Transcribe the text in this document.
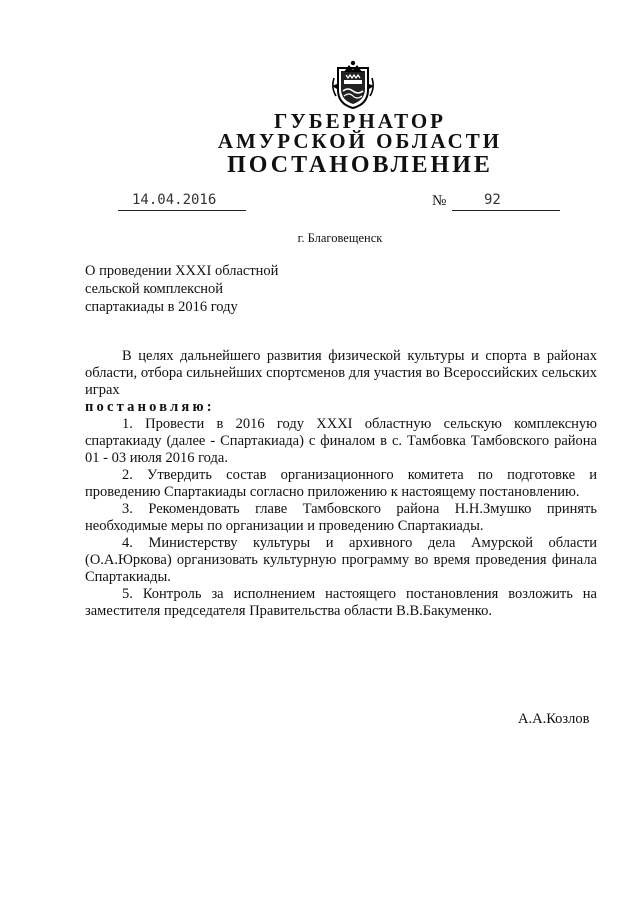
ГУБЕРНАТОР
АМУРСКОЙ ОБЛАСТИ
ПОСТАНОВЛЕНИЕ
14.04.2016	№	92
г. Благовещенск
О проведении XXXI областной
сельской комплексной
спартакиады в 2016 году

В целях дальнейшего развития физической культуры и спорта в районах области, отбора сильнейших спортсменов для участия во Всероссийских сельских играх

постановляю:

1. Провести в 2016 году XXXI областную сельскую комплексную спартакиаду (далее - Спартакиада) с финалом в с. Тамбовка Тамбовского района 01 - 03 июля 2016 года.

2. Утвердить состав организационного комитета по подготовке и проведению Спартакиады согласно приложению к настоящему постановлению.

3. Рекомендовать главе Тамбовского района Н.Н.Змушко принять необходимые меры по организации и проведению Спартакиады.

4. Министерству культуры и архивного дела Амурской области (О.А.Юркова) организовать культурную программу во время проведения финала Спартакиады.

5. Контроль за исполнением настоящего постановления возложить на заместителя председателя Правительства области В.В.Бакуменко.

А.А.Козлов
